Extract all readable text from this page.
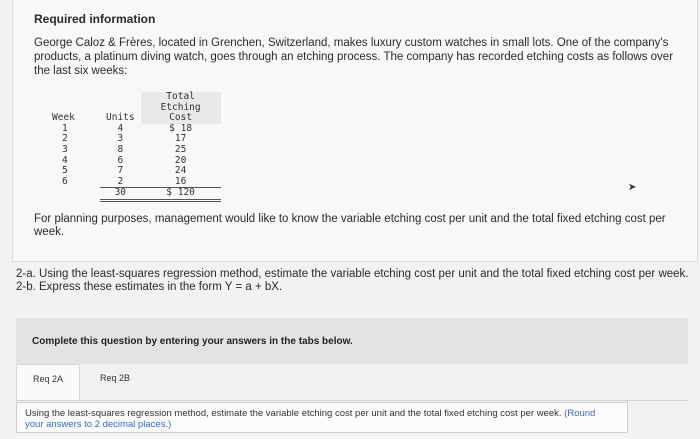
Required information
George Caloz & Frères, located in Grenchen, Switzerland, makes luxury custom watches in small lots. One of the company's products, a platinum diving watch, goes through an etching process. The company has recorded etching costs as follows over the last six weeks:
Week	Units	Total Etching Cost
1	4	$ 18
2	3	17
3	8	25
4	6	20
5	7	24
6	2	16
	30	$ 120	➤
For planning purposes, management would like to know the variable etching cost per unit and the total fixed etching cost per week.
2-a. Using the least-squares regression method, estimate the variable etching cost per unit and the total fixed etching cost per week.
2-b. Express these estimates in the form Y = a + bX.
Complete this question by entering your answers in the tabs below.
Req 2A	Req 2B
Using the least-squares regression method, estimate the variable etching cost per unit and the total fixed etching cost per week. (Round your answers to 2 decimal places.)
